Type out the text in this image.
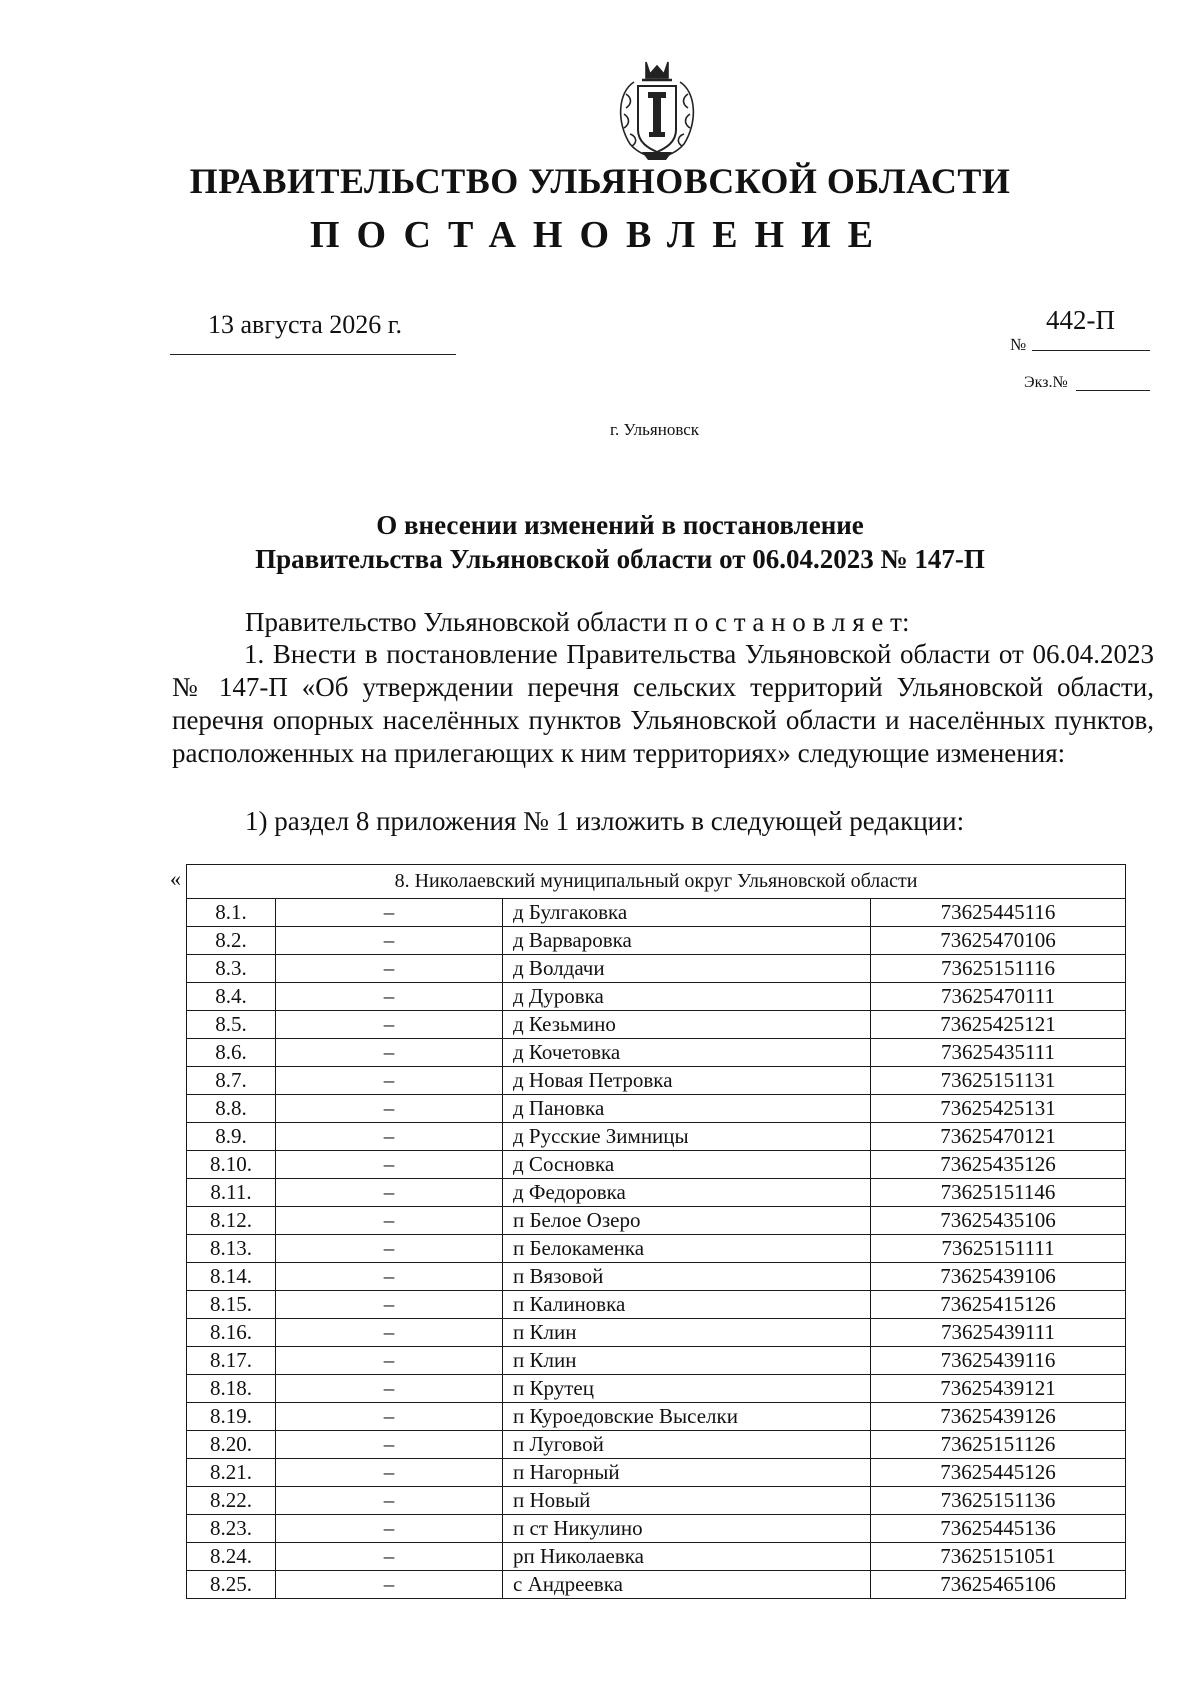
ПРАВИТЕЛЬСТВО УЛЬЯНОВСКОЙ ОБЛАСТИ
ПОСТАНОВЛЕНИЕ
13 августа 2026 г.
№
442-П
Экз.№
г. Ульяновск
О внесении изменений в постановление
Правительства Ульяновской области от 06.04.2023 № 147-П
Правительство Ульяновской области п о с т а н о в л я е т:
1. Внести в постановление Правительства Ульяновской области от 06.04.2023 № 147-П «Об утверждении перечня сельских территорий Ульяновской области, перечня опорных населённых пунктов Ульяновской области и населённых пунктов, расположенных на прилегающих к ним территориях» следующие изменения:
1) раздел 8 приложения № 1 изложить в следующей редакции:
«	8. Николаевский муниципальный округ Ульяновской области			
8.1.	–	д Булгаковка	73625445116
8.2.	–	д Варваровка	73625470106
8.3.	–	д Волдачи	73625151116
8.4.	–	д Дуровка	73625470111
8.5.	–	д Кезьмино	73625425121
8.6.	–	д Кочетовка	73625435111
8.7.	–	д Новая Петровка	73625151131
8.8.	–	д Пановка	73625425131
8.9.	–	д Русские Зимницы	73625470121
8.10.	–	д Сосновка	73625435126
8.11.	–	д Федоровка	73625151146
8.12.	–	п Белое Озеро	73625435106
8.13.	–	п Белокаменка	73625151111
8.14.	–	п Вязовой	73625439106
8.15.	–	п Калиновка	73625415126
8.16.	–	п Клин	73625439111
8.17.	–	п Клин	73625439116
8.18.	–	п Крутец	73625439121
8.19.	–	п Куроедовские Выселки	73625439126
8.20.	–	п Луговой	73625151126
8.21.	–	п Нагорный	73625445126
8.22.	–	п Новый	73625151136
8.23.	–	п ст Никулино	73625445136
8.24.	–	рп Николаевка	73625151051
8.25.	–	с Андреевка	73625465106
